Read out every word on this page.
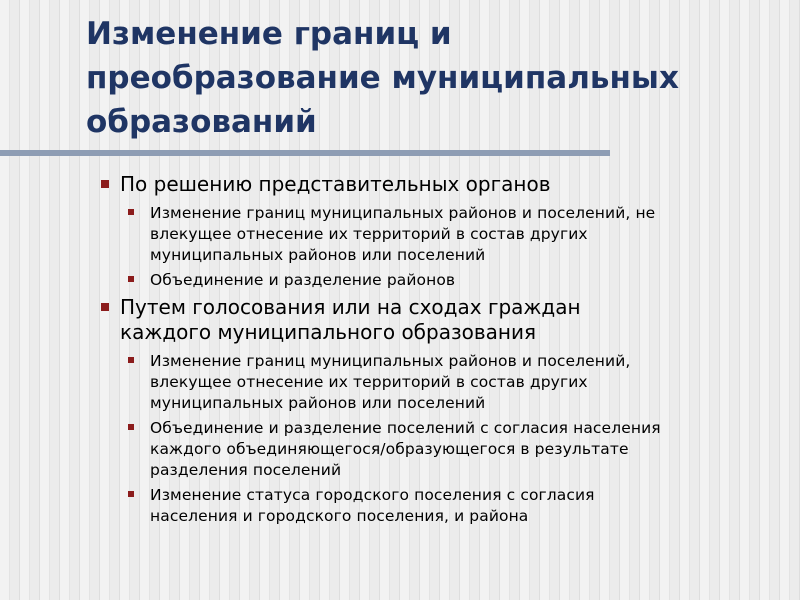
Изменение границ и
преобразование муниципальных
образований
По решению представительных органов
Изменение границ муниципальных районов и поселений, не
влекущее отнесение их территорий в состав других
муниципальных районов или поселений
Объединение и разделение районов
Путем голосования или на сходах граждан
каждого муниципального образования
Изменение границ муниципальных районов и поселений,
влекущее отнесение их территорий в состав других
муниципальных районов или поселений
Объединение и разделение поселений с согласия населения
каждого объединяющегося/образующегося в результате
разделения поселений
Изменение статуса городского поселения с согласия
населения и городского поселения, и района
